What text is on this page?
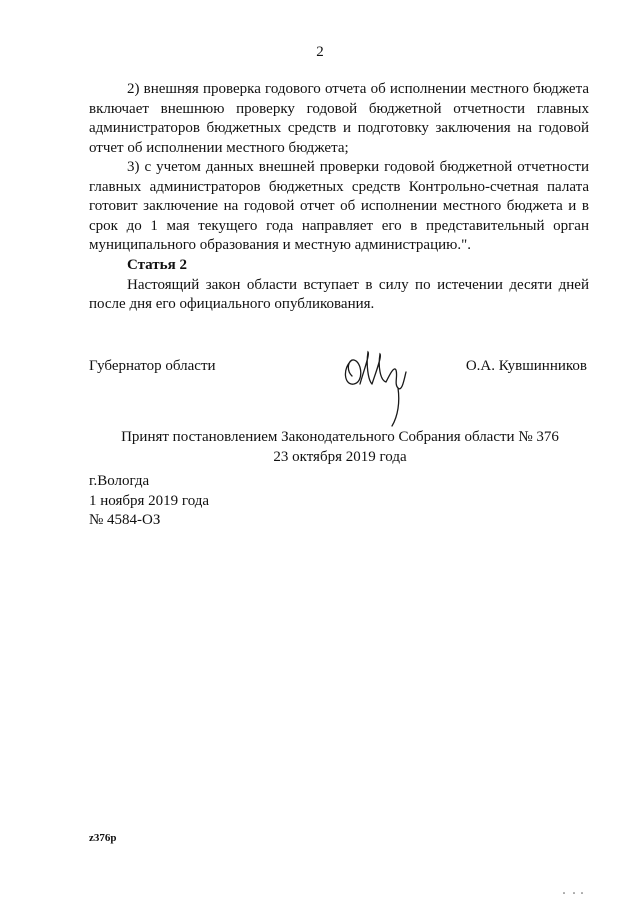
2

2) внешняя проверка годового отчета об исполнении местного бюджета включает внешнюю проверку годовой бюджетной отчетности главных администраторов бюджетных средств и подготовку заключения на годовой отчет об исполнении местного бюджета;

3) с учетом данных внешней проверки годовой бюджетной отчетности главных администраторов бюджетных средств Контрольно-счетная палата готовит заключение на годовой отчет об исполнении местного бюджета и в срок до 1 мая текущего года направляет его в представительный орган муниципального образования и местную администрацию.".

Статья 2

Настоящий закон области вступает в силу по истечении десяти дней после дня его официального опубликования.

Губернатор области	О.А. Кувшинников
Принят постановлением Законодательного Собрания области № 376
23 октября 2019 года
г.Вологда
1 ноября 2019 года
№ 4584-ОЗ
z376р
